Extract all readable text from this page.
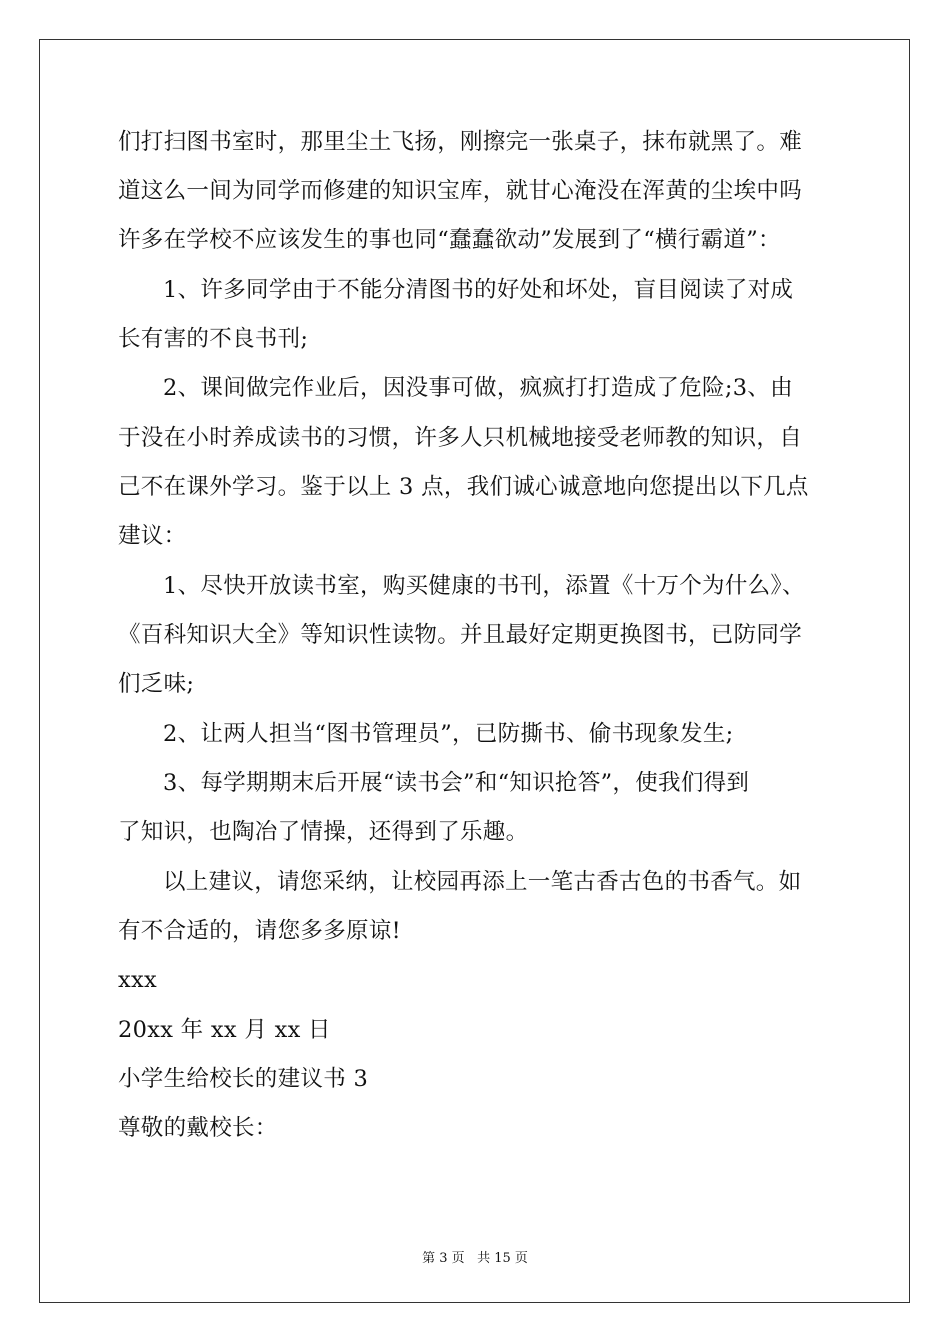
们打扫图书室时，那里尘土飞扬，刚擦完一张桌子，抹布就黑了。难
道这么一间为同学而修建的知识宝库，就甘心淹没在浑黄的尘埃中吗
许多在学校不应该发生的事也同“蠢蠢欲动”发展到了“横行霸道”：
1、许多同学由于不能分清图书的好处和坏处，盲目阅读了对成
长有害的不良书刊;
2、课间做完作业后，因没事可做，疯疯打打造成了危险;3、由
于没在小时养成读书的习惯，许多人只机械地接受老师教的知识，自
己不在课外学习。鉴于以上 3 点，我们诚心诚意地向您提出以下几点
建议：
1、尽快开放读书室，购买健康的书刊，添置《十万个为什么》、
《百科知识大全》等知识性读物。并且最好定期更换图书，已防同学
们乏味;
2、让两人担当“图书管理员”，已防撕书、偷书现象发生;
3、每学期期末后开展“读书会”和“知识抢答”，使我们得到
了知识，也陶冶了情操，还得到了乐趣。
以上建议，请您采纳，让校园再添上一笔古香古色的书香气。如
有不合适的，请您多多原谅!
xxx
20xx 年 xx 月 xx 日
小学生给校长的建议书 3
尊敬的戴校长：
第 3 页 共 15 页
